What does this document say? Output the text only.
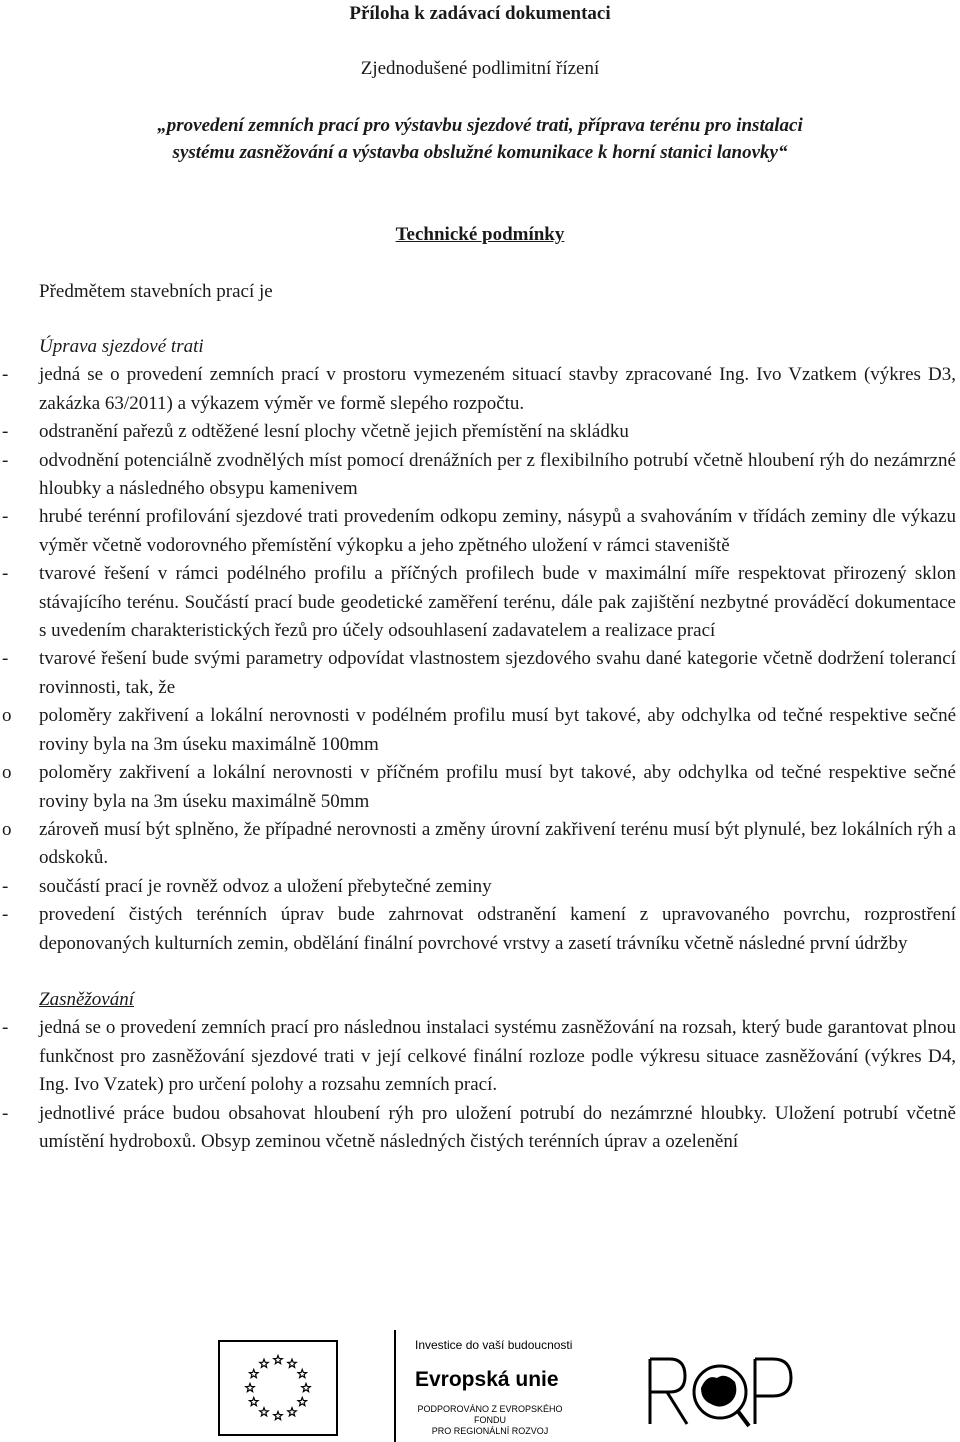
Příloha k zadávací dokumentaci
Zjednodušené podlimitní řízení
„provedení zemních prací pro výstavbu sjezdové trati, příprava terénu pro instalaci
systému zasněžování a výstavba obslužné komunikace k horní stanici lanovky“
Technické podmínky
Předmětem stavebních prací je
Úprava sjezdové trati
-	jedná se o provedení zemních prací v prostoru vymezeném situací stavby zpracované Ing. Ivo Vzatkem (výkres D3, zakázka 63/2011) a výkazem výměr ve formě slepého rozpočtu.
-	odstranění pařezů z odtěžené lesní plochy včetně jejich přemístění na skládku
-	odvodnění potenciálně zvodnělých míst pomocí drenážních per z flexibilního potrubí včetně hloubení rýh do nezámrzné hloubky a následného obsypu kamenivem
-	hrubé terénní profilování sjezdové trati provedením odkopu zeminy, násypů a svahováním v třídách zeminy dle výkazu výměr včetně vodorovného přemístění výkopku a jeho zpětného uložení v rámci staveniště
-	tvarové řešení v rámci podélného profilu a příčných profilech bude v maximální míře respektovat přirozený sklon stávajícího terénu. Součástí prací bude geodetické zaměření terénu, dále pak zajištění nezbytné prováděcí dokumentace s uvedením charakteristických řezů pro účely odsouhlasení zadavatelem a realizace prací
-	tvarové řešení bude svými parametry odpovídat vlastnostem sjezdového svahu dané kategorie včetně dodržení tolerancí rovinnosti, tak, že
o	poloměry zakřivení a lokální nerovnosti v podélném profilu musí byt takové, aby odchylka od tečné respektive sečné roviny byla na 3m úseku maximálně 100mm
o	poloměry zakřivení a lokální nerovnosti v příčném profilu musí byt takové, aby odchylka od tečné respektive sečné roviny byla na 3m úseku maximálně 50mm
o	zároveň musí být splněno, že případné nerovnosti a změny úrovní zakřivení terénu musí být plynulé, bez lokálních rýh a odskoků.
-	součástí prací je rovněž odvoz a uložení přebytečné zeminy
-	provedení čistých terénních úprav bude zahrnovat odstranění kamení z upravovaného povrchu, rozprostření deponovaných kulturních zemin, obdělání finální povrchové vrstvy a zasetí trávníku včetně následné první údržby
Zasněžování
-	jedná se o provedení zemních prací pro následnou instalaci systému zasněžování na rozsah, který bude garantovat plnou funkčnost pro zasněžování sjezdové trati v její celkové finální rozloze podle výkresu situace zasněžování (výkres D4, Ing. Ivo Vzatek) pro určení polohy a rozsahu zemních prací.
-	jednotlivé práce budou obsahovat hloubení rýh pro uložení potrubí do nezámrzné hloubky. Uložení potrubí včetně umístění hydroboxů. Obsyp zeminou včetně následných čistých terénních úprav a ozelenění
Investice do vaší budoucnosti
Evropská unie
PODPOROVÁNO Z EVROPSKÉHO FONDU
PRO REGIONÁLNÍ ROZVOJ
